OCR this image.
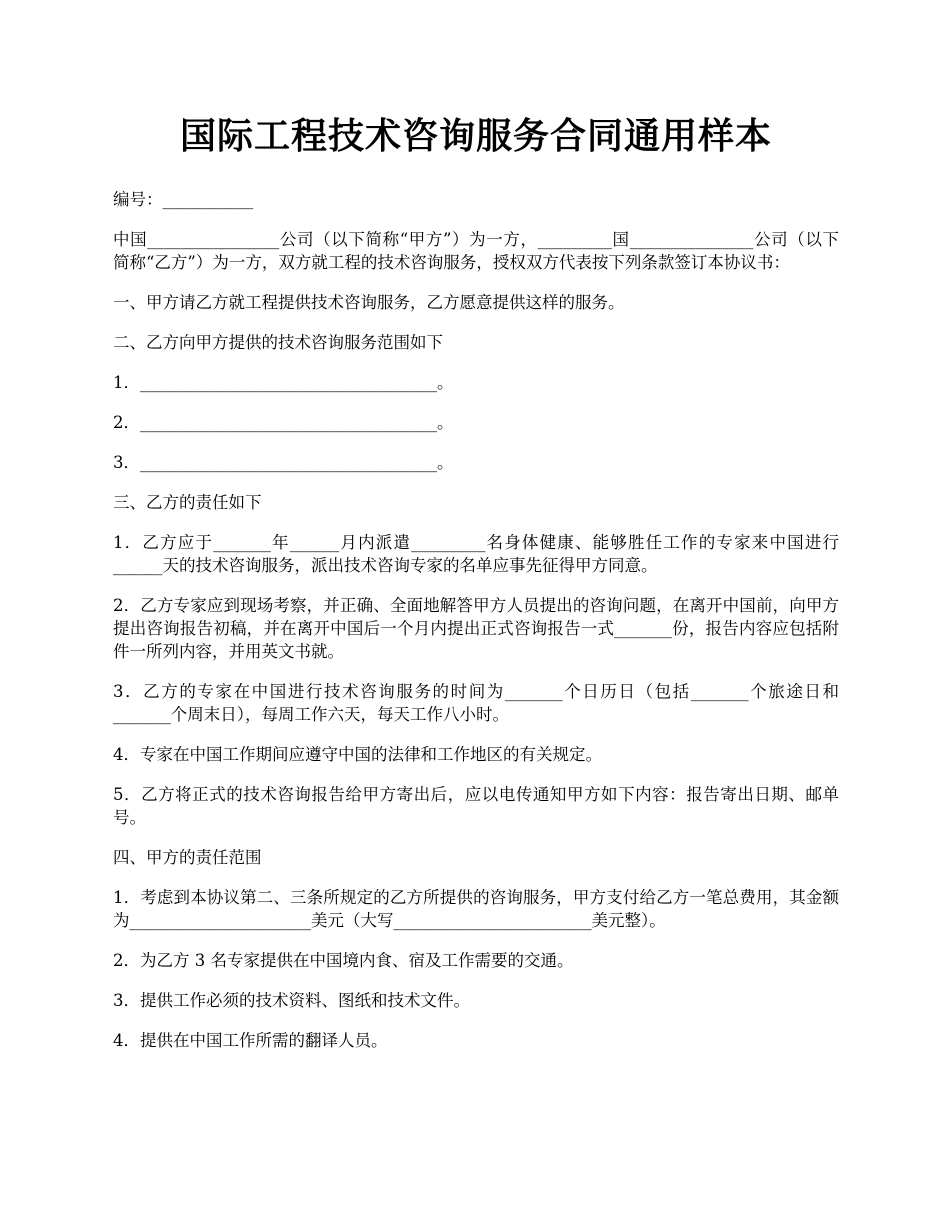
国际工程技术咨询服务合同通用样本

编号：___________

中国________________公司（以下简称“甲方”）为一方，_________国_______________公司（以下简称“乙方”）为一方，双方就工程的技术咨询服务，授权双方代表按下列条款签订本协议书：

一、甲方请乙方就工程提供技术咨询服务，乙方愿意提供这样的服务。

二、乙方向甲方提供的技术咨询服务范围如下

1．____________________________________。

2．____________________________________。

3．____________________________________。

三、乙方的责任如下

1．乙方应于_______年______月内派遣_________名身体健康、能够胜任工作的专家来中国进行______天的技术咨询服务，派出技术咨询专家的名单应事先征得甲方同意。

2．乙方专家应到现场考察，并正确、全面地解答甲方人员提出的咨询问题，在离开中国前，向甲方提出咨询报告初稿，并在离开中国后一个月内提出正式咨询报告一式_______份，报告内容应包括附件一所列内容，并用英文书就。

3．乙方的专家在中国进行技术咨询服务的时间为_______个日历日（包括_______个旅途日和_______个周末日），每周工作六天，每天工作八小时。

4．专家在中国工作期间应遵守中国的法律和工作地区的有关规定。

5．乙方将正式的技术咨询报告给甲方寄出后，应以电传通知甲方如下内容：报告寄出日期、邮单号。

四、甲方的责任范围

1．考虑到本协议第二、三条所规定的乙方所提供的咨询服务，甲方支付给乙方一笔总费用，其金额为______________________美元（大写________________________美元整）。

2．为乙方 3 名专家提供在中国境内食、宿及工作需要的交通。

3．提供工作必须的技术资料、图纸和技术文件。

4．提供在中国工作所需的翻译人员。
